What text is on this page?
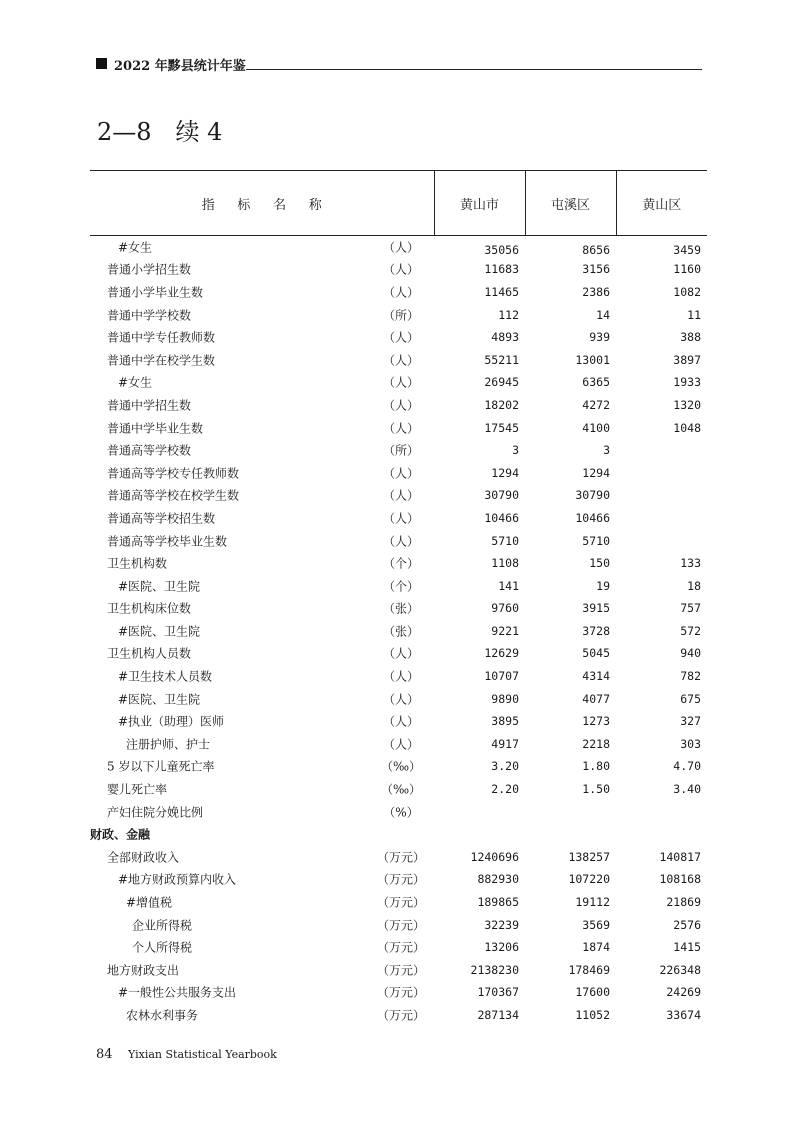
2022 年黟县统计年鉴
2—8　续 4
指 标 名 称	黄山市	屯溪区	黄山区

#女生 （人）	35056	8656	3459

普通小学招生数 （人）	11683	3156	1160

普通小学毕业生数 （人）	11465	2386	1082

普通中学学校数 （所）	112	14	11

普通中学专任教师数 （人）	4893	939	388

普通中学在校学生数 （人）	55211	13001	3897

#女生 （人）	26945	6365	1933

普通中学招生数 （人）	18202	4272	1320

普通中学毕业生数 （人）	17545	4100	1048

普通高等学校数 （所）	3	3	

普通高等学校专任教师数 （人）	1294	1294	

普通高等学校在校学生数 （人）	30790	30790	

普通高等学校招生数 （人）	10466	10466	

普通高等学校毕业生数 （人）	5710	5710	

卫生机构数 （个）	1108	150	133

#医院、卫生院 （个）	141	19	18

卫生机构床位数 （张）	9760	3915	757

#医院、卫生院 （张）	9221	3728	572

卫生机构人员数 （人）	12629	5045	940

#卫生技术人员数 （人）	10707	4314	782

#医院、卫生院 （人）	9890	4077	675

#执业（助理）医师 （人）	3895	1273	327

注册护师、护士 （人）	4917	2218	303

5 岁以下儿童死亡率 （‰）	3.20	1.80	4.70

婴儿死亡率 （‰）	2.20	1.50	3.40

产妇住院分娩比例 （%）			

财政、金融			

全部财政收入 （万元）	1240696	138257	140817

#地方财政预算内收入 （万元）	882930	107220	108168

#增值税 （万元）	189865	19112	21869

企业所得税 （万元）	32239	3569	2576

个人所得税 （万元）	13206	1874	1415

地方财政支出 （万元）	2138230	178469	226348

#一般性公共服务支出 （万元）	170367	17600	24269

农林水利事务 （万元）	287134	11052	33674
84 Yixian Statistical Yearbook
